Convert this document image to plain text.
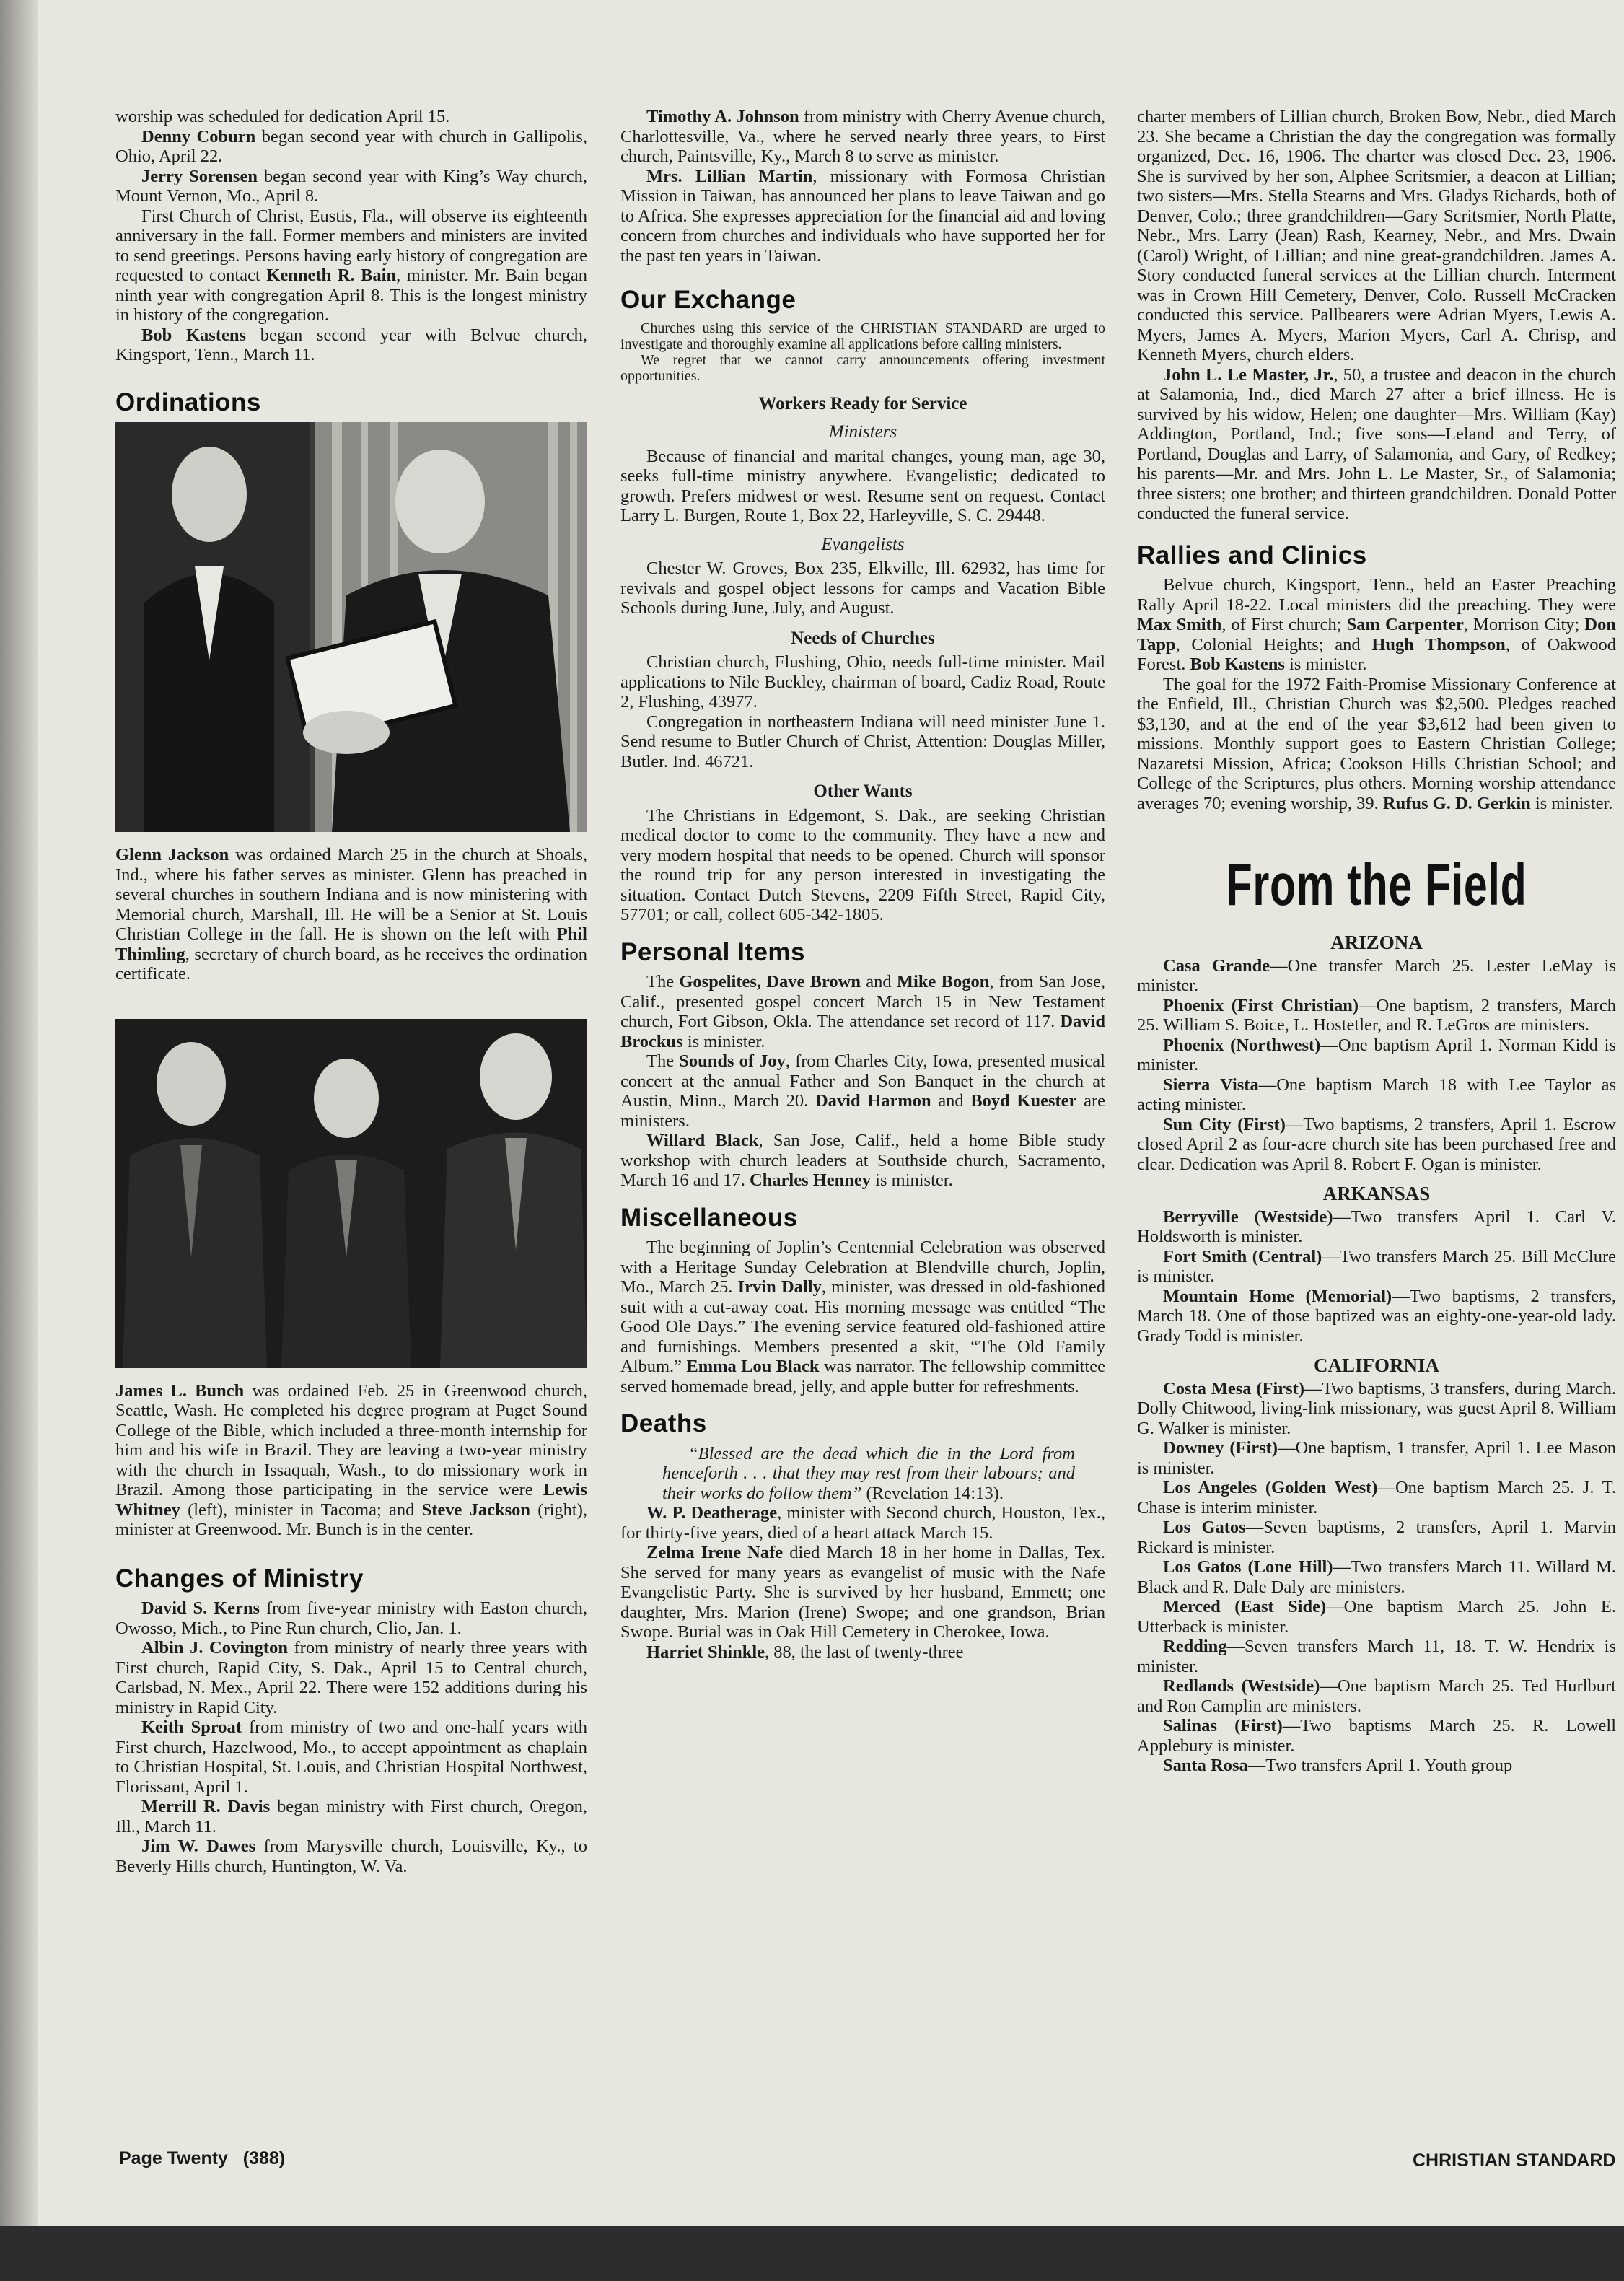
worship was scheduled for dedication April 15.

Denny Coburn began second year with church in Gallipolis, Ohio, April 22.

Jerry Sorensen began second year with King’s Way church, Mount Vernon, Mo., April 8.

First Church of Christ, Eustis, Fla., will observe its eighteenth anniversary in the fall. Former members and ministers are invited to send greetings. Persons having early history of congregation are requested to contact Kenneth R. Bain, minister. Mr. Bain began ninth year with congregation April 8. This is the longest ministry in history of the congregation.

Bob Kastens began second year with Belvue church, Kingsport, Tenn., March 11.

Ordinations

Glenn Jackson was ordained March 25 in the church at Shoals, Ind., where his father serves as minister. Glenn has preached in several churches in southern Indiana and is now ministering with Memorial church, Marshall, Ill. He will be a Senior at St. Louis Christian College in the fall. He is shown on the left with Phil Thimling, secretary of church board, as he receives the ordination certificate.

James L. Bunch was ordained Feb. 25 in Greenwood church, Seattle, Wash. He completed his degree program at Puget Sound College of the Bible, which included a three-month internship for him and his wife in Brazil. They are leaving a two-year ministry with the church in Issaquah, Wash., to do missionary work in Brazil. Among those participating in the service were Lewis Whitney (left), minister in Tacoma; and Steve Jackson (right), minister at Greenwood. Mr. Bunch is in the center.

Changes of Ministry

David S. Kerns from five-year ministry with Easton church, Owosso, Mich., to Pine Run church, Clio, Jan. 1.

Albin J. Covington from ministry of nearly three years with First church, Rapid City, S. Dak., April 15 to Central church, Carlsbad, N. Mex., April 22. There were 152 additions during his ministry in Rapid City.

Keith Sproat from ministry of two and one-half years with First church, Hazelwood, Mo., to accept appointment as chaplain to Christian Hospital, St. Louis, and Christian Hospital Northwest, Florissant, April 1.

Merrill R. Davis began ministry with First church, Oregon, Ill., March 11.

Jim W. Dawes from Marysville church, Louisville, Ky., to Beverly Hills church, Huntington, W. Va.

Timothy A. Johnson from ministry with Cherry Avenue church, Charlottesville, Va., where he served nearly three years, to First church, Paintsville, Ky., March 8 to serve as minister.

Mrs. Lillian Martin, missionary with Formosa Christian Mission in Taiwan, has announced her plans to leave Taiwan and go to Africa. She expresses appreciation for the financial aid and loving concern from churches and individuals who have supported her for the past ten years in Taiwan.

Our Exchange

Churches using this service of the CHRISTIAN STANDARD are urged to investigate and thoroughly examine all applications before calling ministers.

We regret that we cannot carry announcements offering investment opportunities.

Workers Ready for Service
Ministers

Because of financial and marital changes, young man, age 30, seeks full-time ministry anywhere. Evangelistic; dedicated to growth. Prefers midwest or west. Resume sent on request. Contact Larry L. Burgen, Route 1, Box 22, Harleyville, S. C. 29448.

Evangelists

Chester W. Groves, Box 235, Elkville, Ill. 62932, has time for revivals and gospel object lessons for camps and Vacation Bible Schools during June, July, and August.

Needs of Churches

Christian church, Flushing, Ohio, needs full-time minister. Mail applications to Nile Buckley, chairman of board, Cadiz Road, Route 2, Flushing, 43977.

Congregation in northeastern Indiana will need minister June 1. Send resume to Butler Church of Christ, Attention: Douglas Miller, Butler. Ind. 46721.

Other Wants

The Christians in Edgemont, S. Dak., are seeking Christian medical doctor to come to the community. They have a new and very modern hospital that needs to be opened. Church will sponsor the round trip for any person interested in investigating the situation. Contact Dutch Stevens, 2209 Fifth Street, Rapid City, 57701; or call, collect 605-342-1805.

Personal Items

The Gospelites, Dave Brown and Mike Bogon, from San Jose, Calif., presented gospel concert March 15 in New Testament church, Fort Gibson, Okla. The attendance set record of 117. David Brockus is minister.

The Sounds of Joy, from Charles City, Iowa, presented musical concert at the annual Father and Son Banquet in the church at Austin, Minn., March 20. David Harmon and Boyd Kuester are ministers.

Willard Black, San Jose, Calif., held a home Bible study workshop with church leaders at Southside church, Sacramento, March 16 and 17. Charles Henney is minister.

Miscellaneous

The beginning of Joplin’s Centennial Celebration was observed with a Heritage Sunday Celebration at Blendville church, Joplin, Mo., March 25. Irvin Dally, minister, was dressed in old-fashioned suit with a cut-away coat. His morning message was entitled “The Good Ole Days.” The evening service featured old-fashioned attire and furnishings. Members presented a skit, “The Old Family Album.” Emma Lou Black was narrator. The fellowship committee served homemade bread, jelly, and apple butter for refreshments.

Deaths

“Blessed are the dead which die in the Lord from henceforth . . . that they may rest from their labours; and their works do follow them” (Revelation 14:13).

W. P. Deatherage, minister with Second church, Houston, Tex., for thirty-five years, died of a heart attack March 15.

Zelma Irene Nafe died March 18 in her home in Dallas, Tex. She served for many years as evangelist of music with the Nafe Evangelistic Party. She is survived by her husband, Emmett; one daughter, Mrs. Marion (Irene) Swope; and one grandson, Brian Swope. Burial was in Oak Hill Cemetery in Cherokee, Iowa.

Harriet Shinkle, 88, the last of twenty-three

charter members of Lillian church, Broken Bow, Nebr., died March 23. She became a Christian the day the congregation was formally organized, Dec. 16, 1906. The charter was closed Dec. 23, 1906. She is survived by her son, Alphee Scritsmier, a deacon at Lillian; two sisters—Mrs. Stella Stearns and Mrs. Gladys Richards, both of Denver, Colo.; three grandchildren—Gary Scritsmier, North Platte, Nebr., Mrs. Larry (Jean) Rash, Kearney, Nebr., and Mrs. Dwain (Carol) Wright, of Lillian; and nine great-grandchildren. James A. Story conducted funeral services at the Lillian church. Interment was in Crown Hill Cemetery, Denver, Colo. Russell McCracken conducted this service. Pallbearers were Adrian Myers, Lewis A. Myers, James A. Myers, Marion Myers, Carl A. Chrisp, and Kenneth Myers, church elders.

John L. Le Master, Jr., 50, a trustee and deacon in the church at Salamonia, Ind., died March 27 after a brief illness. He is survived by his widow, Helen; one daughter—Mrs. William (Kay) Addington, Portland, Ind.; five sons—Leland and Terry, of Portland, Douglas and Larry, of Salamonia, and Gary, of Redkey; his parents—Mr. and Mrs. John L. Le Master, Sr., of Salamonia; three sisters; one brother; and thirteen grandchildren. Donald Potter conducted the funeral service.

Rallies and Clinics

Belvue church, Kingsport, Tenn., held an Easter Preaching Rally April 18-22. Local ministers did the preaching. They were Max Smith, of First church; Sam Carpenter, Morrison City; Don Tapp, Colonial Heights; and Hugh Thompson, of Oakwood Forest. Bob Kastens is minister.

The goal for the 1972 Faith-Promise Missionary Conference at the Enfield, Ill., Christian Church was $2,500. Pledges reached $3,130, and at the end of the year $3,612 had been given to missions. Monthly support goes to Eastern Christian College; Nazaretsi Mission, Africa; Cookson Hills Christian School; and College of the Scriptures, plus others. Morning worship attendance averages 70; evening worship, 39. Rufus G. D. Gerkin is minister.

From the Field
ARIZONA

Casa Grande—One transfer March 25. Lester LeMay is minister.

Phoenix (First Christian)—One baptism, 2 transfers, March 25. William S. Boice, L. Hostetler, and R. LeGros are ministers.

Phoenix (Northwest)—One baptism April 1. Norman Kidd is minister.

Sierra Vista—One baptism March 18 with Lee Taylor as acting minister.

Sun City (First)—Two baptisms, 2 transfers, April 1. Escrow closed April 2 as four-acre church site has been purchased free and clear. Dedication was April 8. Robert F. Ogan is minister.

ARKANSAS

Berryville (Westside)—Two transfers April 1. Carl V. Holdsworth is minister.

Fort Smith (Central)—Two transfers March 25. Bill McClure is minister.

Mountain Home (Memorial)—Two baptisms, 2 transfers, March 18. One of those baptized was an eighty-one-year-old lady. Grady Todd is minister.

CALIFORNIA

Costa Mesa (First)—Two baptisms, 3 transfers, during March. Dolly Chitwood, living-link missionary, was guest April 8. William G. Walker is minister.

Downey (First)—One baptism, 1 transfer, April 1. Lee Mason is minister.

Los Angeles (Golden West)—One baptism March 25. J. T. Chase is interim minister.

Los Gatos—Seven baptisms, 2 transfers, April 1. Marvin Rickard is minister.

Los Gatos (Lone Hill)—Two transfers March 11. Willard M. Black and R. Dale Daly are ministers.

Merced (East Side)—One baptism March 25. John E. Utterback is minister.

Redding—Seven transfers March 11, 18. T. W. Hendrix is minister.

Redlands (Westside)—One baptism March 25. Ted Hurlburt and Ron Camplin are ministers.

Salinas (First)—Two baptisms March 25. R. Lowell Applebury is minister.

Santa Rosa—Two transfers April 1. Youth group

Page Twenty   (388)	CHRISTIAN STANDARD
